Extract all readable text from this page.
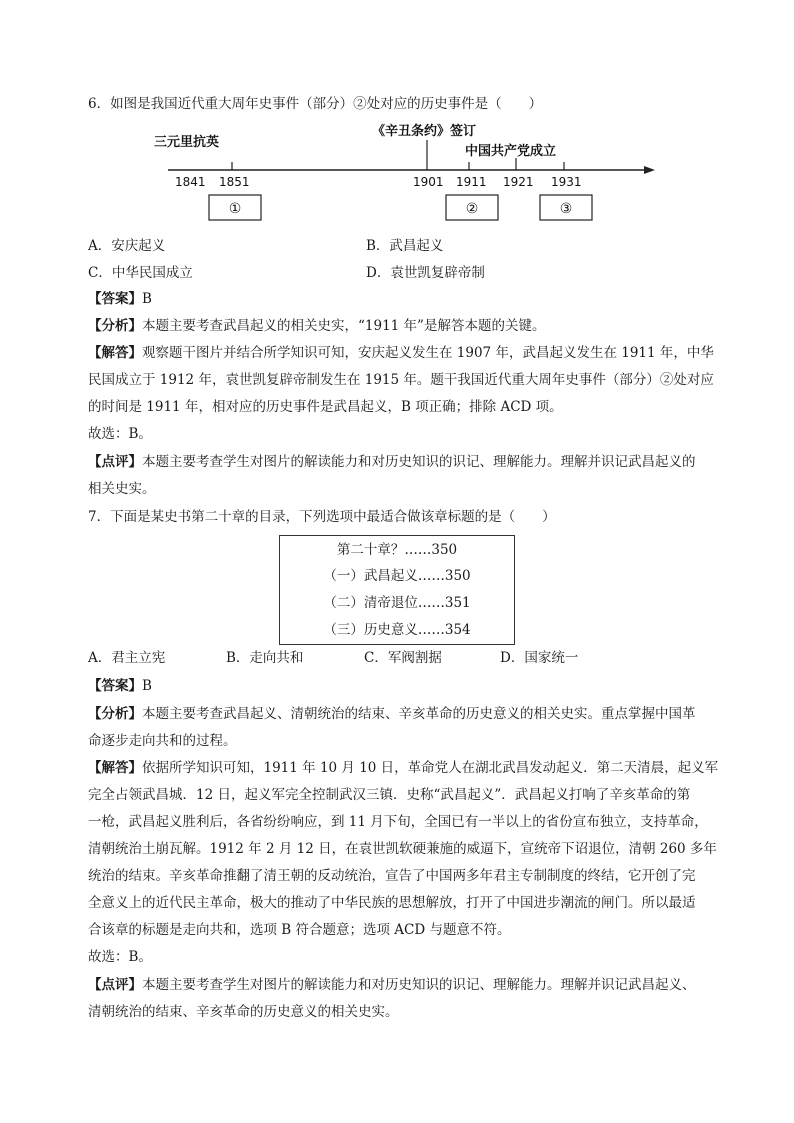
6．如图是我国近代重大周年史事件（部分）②处对应的历史事件是（　　）
三元里抗英
《辛丑条约》签订
中国共产党成立
1841 1851	1901 1911 1921 1931
①	②	③
A．安庆起义	B．武昌起义
C．中华民国成立	D．袁世凯复辟帝制
【答案】B
【分析】本题主要考查武昌起义的相关史实，“1911 年”是解答本题的关键。
【解答】观察题干图片并结合所学知识可知，安庆起义发生在 1907 年，武昌起义发生在 1911 年，中华
民国成立于 1912 年，袁世凯复辟帝制发生在 1915 年。题干我国近代重大周年史事件（部分）②处对应
的时间是 1911 年，相对应的历史事件是武昌起义，B 项正确；排除 ACD 项。
故选：B。
【点评】本题主要考查学生对图片的解读能力和对历史知识的识记、理解能力。理解并识记武昌起义的
相关史实。
7．下面是某史书第二十章的目录，下列选项中最适合做该章标题的是（　　）
第二十章？……350
（一）武昌起义……350
（二）清帝退位……351
（三）历史意义……354
A．君主立宪	B．走向共和	C．军阀割据	D．国家统一
【答案】B
【分析】本题主要考查武昌起义、清朝统治的结束、辛亥革命的历史意义的相关史实。重点掌握中国革
命逐步走向共和的过程。
【解答】依据所学知识可知，1911 年 10 月 10 日，革命党人在湖北武昌发动起义．第二天清晨，起义军
完全占领武昌城．12 日，起义军完全控制武汉三镇．史称“武昌起义”．武昌起义打响了辛亥革命的第
一枪，武昌起义胜利后，各省纷纷响应，到 11 月下旬，全国已有一半以上的省份宣布独立，支持革命，
清朝统治土崩瓦解。1912 年 2 月 12 日，在袁世凯软硬兼施的威逼下，宣统帝下诏退位，清朝 260 多年
统治的结束。辛亥革命推翻了清王朝的反动统治，宣告了中国两多年君主专制制度的终结，它开创了完
全意义上的近代民主革命，极大的推动了中华民族的思想解放，打开了中国进步潮流的闸门。所以最适
合该章的标题是走向共和，选项 B 符合题意；选项 ACD 与题意不符。
故选：B。
【点评】本题主要考查学生对图片的解读能力和对历史知识的识记、理解能力。理解并识记武昌起义、
清朝统治的结束、辛亥革命的历史意义的相关史实。
